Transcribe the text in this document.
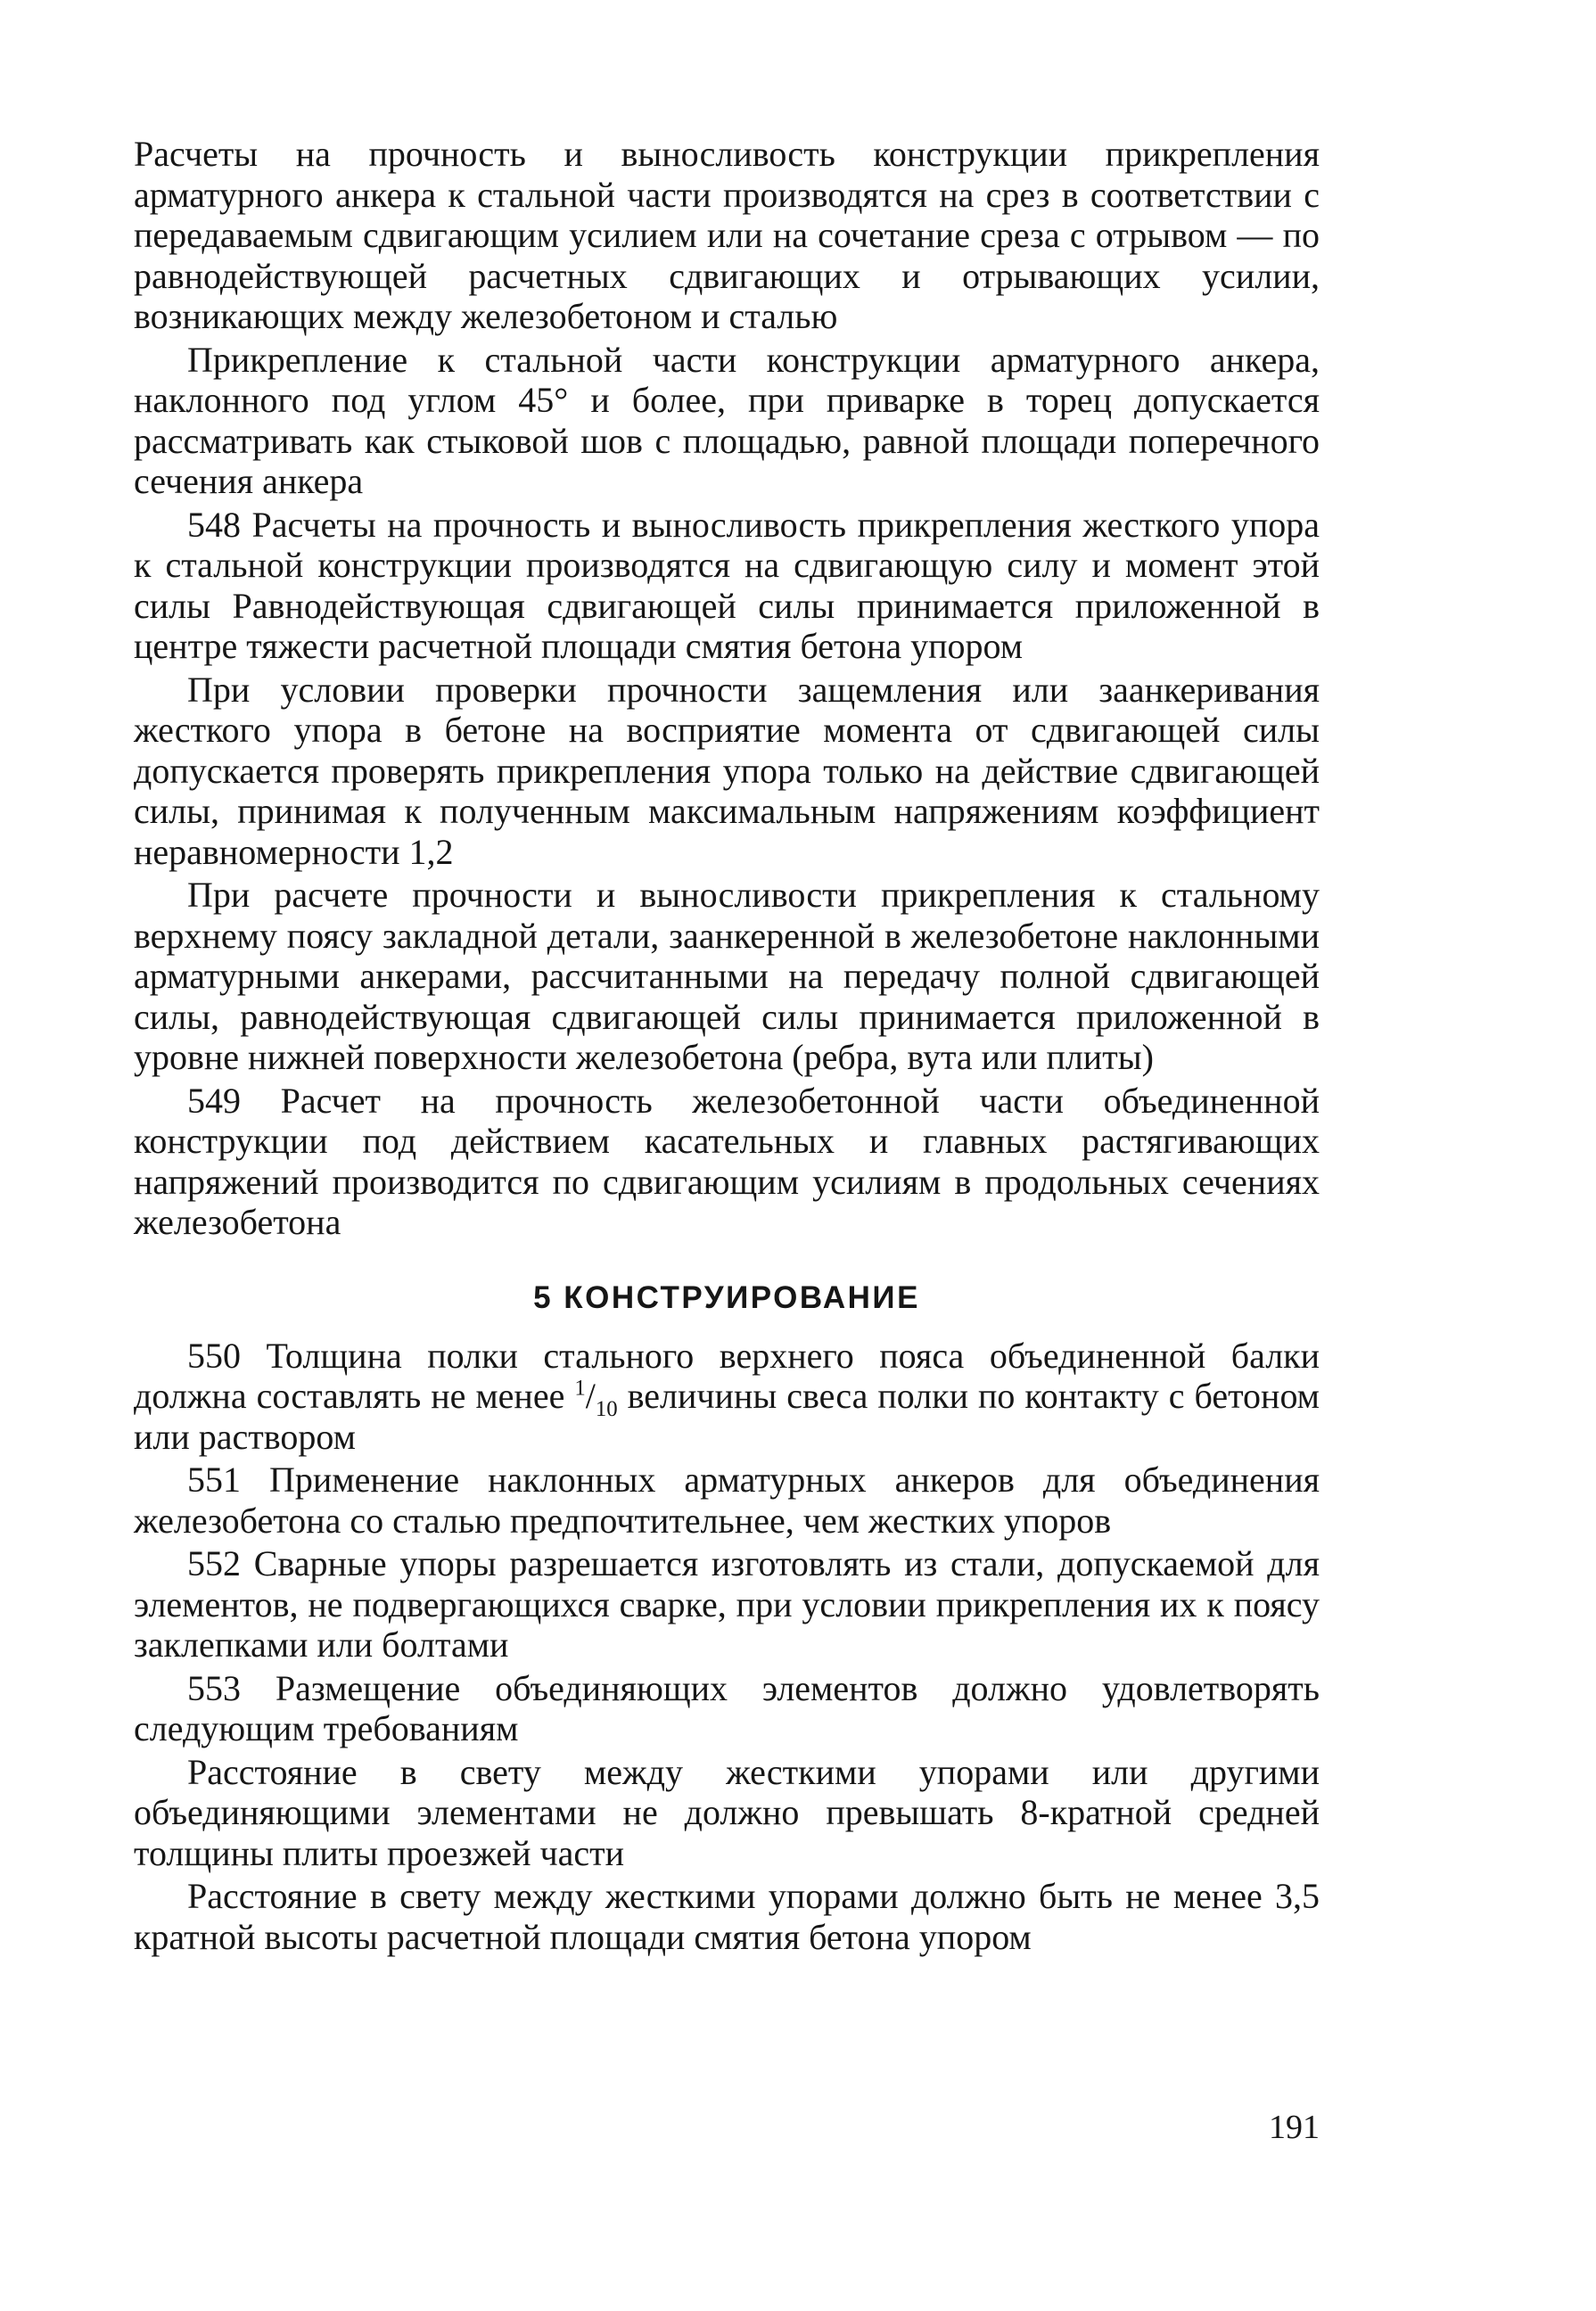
Расчеты на прочность и выносливость конструкции прикрепления арматурного анкера к стальной части производятся на срез в соответствии с передаваемым сдвигающим усилием или на сочетание среза с отрывом — по равнодействующей расчетных сдвигающих и отрывающих усилии, возникающих между железобетоном и сталью

Прикрепление к стальной части конструкции арматурного анкера, наклонного под углом 45° и более, при приварке в торец допускается рассматривать как стыковой шов с площадью, равной площади поперечного сечения анкера

548 Расчеты на прочность и выносливость прикрепления жесткого упора к стальной конструкции производятся на сдвигающую силу и момент этой силы Равнодействующая сдвигающей силы принимается приложенной в центре тяжести расчетной площади смятия бетона упором

При условии проверки прочности защемления или заанкеривания жесткого упора в бетоне на восприятие момента от сдвигающей силы допускается проверять прикрепления упора только на действие сдвигающей силы, принимая к полученным максимальным напряжениям коэффициент неравномерности 1,2

При расчете прочности и выносливости прикрепления к стальному верхнему поясу закладной детали, заанкеренной в железобетоне наклонными арматурными анкерами, рассчитанными на передачу полной сдвигающей силы, равнодействующая сдвигающей силы принимается приложенной в уровне нижней поверхности железобетона (ребра, вута или плиты)

549 Расчет на прочность железобетонной части объединенной конструкции под действием касательных и главных растягивающих напряжений производится по сдвигающим усилиям в продольных сечениях железобетона

5 КОНСТРУИРОВАНИЕ

550 Толщина полки стального верхнего пояса объединенной балки должна составлять не менее $^1/_{10}$ величины свеса полки по контакту с бетоном или раствором

551 Применение наклонных арматурных анкеров для объединения железобетона со сталью предпочтительнее, чем жестких упоров

552 Сварные упоры разрешается изготовлять из стали, допускаемой для элементов, не подвергающихся сварке, при условии прикрепления их к поясу заклепками или болтами

553 Размещение объединяющих элементов должно удовлетворять следующим требованиям

Расстояние в свету между жесткими упорами или другими объединяющими элементами не должно превышать 8-кратной средней толщины плиты проезжей части

Расстояние в свету между жесткими упорами должно быть не менее 3,5 кратной высоты расчетной площади смятия бетона упором

191
